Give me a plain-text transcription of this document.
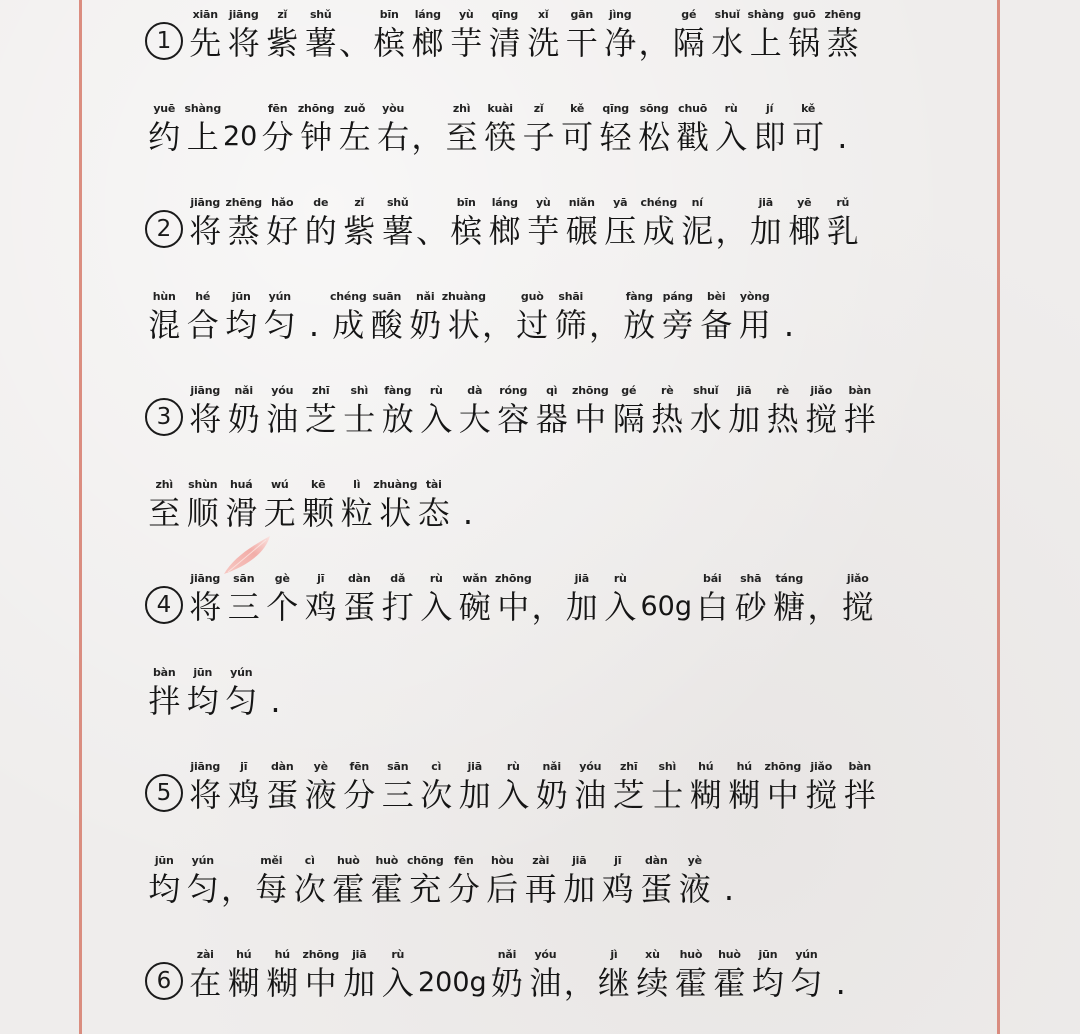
1
xiān
先
jiāng
将
zǐ
紫
shǔ
薯 、
bīn
槟
láng
榔
yù
芋
qīng
清
xǐ
洗
gān
干
jìng
净 ，
gé
隔
shuǐ
水
shàng
上
guō
锅
zhēng
蒸
yuē
约
shàng
上 20
fēn
分
zhōng
钟
zuǒ
左
yòu
右 ，
zhì
至
kuài
筷
zǐ
子
kě
可
qīng
轻
sōng
松
chuō
戳
rù
入
jí
即
kě
可 .
2
jiāng
将
zhēng
蒸
hǎo
好
de
的
zǐ
紫
shǔ
薯 、
bīn
槟
láng
榔
yù
芋
niǎn
碾
yā
压
chéng
成
ní
泥 ，
jiā
加
yē
椰
rǔ
乳
hùn
混
hé
合
jūn
均
yún
匀 .
chéng
成
suān
酸
nǎi
奶
zhuàng
状 ，
guò
过
shāi
筛 ，
fàng
放
páng
旁
bèi
备
yòng
用 .
3
jiāng
将
nǎi
奶
yóu
油
zhī
芝
shì
士
fàng
放
rù
入
dà
大
róng
容
qì
器
zhōng
中
gé
隔
rè
热
shuǐ
水
jiā
加
rè
热
jiǎo
搅
bàn
拌
zhì
至
shùn
顺
huá
滑
wú
无
kē
颗
lì
粒
zhuàng
状
tài
态 .
4
jiāng
将
sān
三
gè
个
jī
鸡
dàn
蛋
dǎ
打
rù
入
wǎn
碗
zhōng
中 ，
jiā
加
rù
入 60g
bái
白
shā
砂
táng
糖 ，
jiǎo
搅
bàn
拌
jūn
均
yún
匀 .
5
jiāng
将
jī
鸡
dàn
蛋
yè
液
fēn
分
sān
三
cì
次
jiā
加
rù
入
nǎi
奶
yóu
油
zhī
芝
shì
士
hú
糊
hú
糊
zhōng
中
jiǎo
搅
bàn
拌
jūn
均
yún
匀 ，
měi
每
cì
次
huò
霍
huò
霍
chōng
充
fēn
分
hòu
后
zài
再
jiā
加
jī
鸡
dàn
蛋
yè
液 .
6
zài
在
hú
糊
hú
糊
zhōng
中
jiā
加
rù
入 200g
nǎi
奶
yóu
油 ，
jì
继
xù
续
huò
霍
huò
霍
jūn
均
yún
匀 .
